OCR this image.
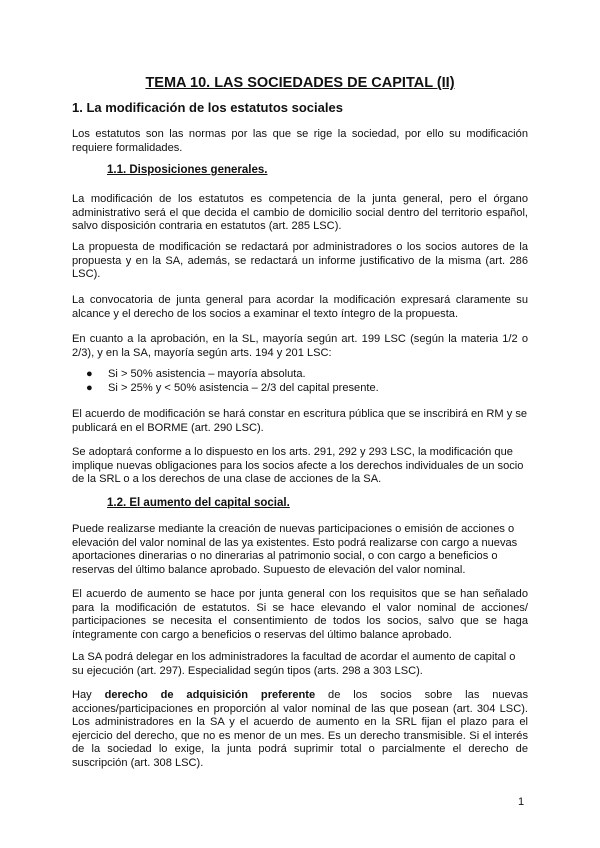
TEMA 10. LAS SOCIEDADES DE CAPITAL (II)
1. La modificación de los estatutos sociales

Los estatutos son las normas por las que se rige la sociedad, por ello su modificación requiere formalidades.

1.1. Disposiciones generales.

La modificación de los estatutos es competencia de la junta general, pero el órgano administrativo será el que decida el cambio de domicilio social dentro del territorio español, salvo disposición contraria en estatutos (art. 285 LSC).

La propuesta de modificación se redactará por administradores o los socios autores de la propuesta y en la SA, además, se redactará un informe justificativo de la misma (art. 286 LSC).

La convocatoria de junta general para acordar la modificación expresará claramente su alcance y el derecho de los socios a examinar el texto íntegro de la propuesta.

En cuanto a la aprobación, en la SL, mayoría según art. 199 LSC (según la materia 1/2 o 2/3), y en la SA, mayoría según arts. 194 y 201 LSC:

● Si > 50% asistencia – mayoría absoluta.
● Si > 25% y < 50% asistencia – 2/3 del capital presente.

El acuerdo de modificación se hará constar en escritura pública que se inscribirá en RM y se publicará en el BORME (art. 290 LSC).

Se adoptará conforme a lo dispuesto en los arts. 291, 292 y 293 LSC, la modificación que implique nuevas obligaciones para los socios afecte a los derechos individuales de un socio de la SRL o a los derechos de una clase de acciones de la SA.

1.2. El aumento del capital social.

Puede realizarse mediante la creación de nuevas participaciones o emisión de acciones o elevación del valor nominal de las ya existentes. Esto podrá realizarse con cargo a nuevas aportaciones dinerarias o no dinerarias al patrimonio social, o con cargo a beneficios o reservas del último balance aprobado. Supuesto de elevación del valor nominal.

El acuerdo de aumento se hace por junta general con los requisitos que se han señalado para la modificación de estatutos. Si se hace elevando el valor nominal de acciones/ participaciones se necesita el consentimiento de todos los socios, salvo que se haga íntegramente con cargo a beneficios o reservas del último balance aprobado.

La SA podrá delegar en los administradores la facultad de acordar el aumento de capital o su ejecución (art. 297). Especialidad según tipos (arts. 298 a 303 LSC).

Hay derecho de adquisición preferente de los socios sobre las nuevas acciones/participaciones en proporción al valor nominal de las que posean (art. 304 LSC). Los administradores en la SA y el acuerdo de aumento en la SRL fijan el plazo para el ejercicio del derecho, que no es menor de un mes. Es un derecho transmisible. Si el interés de la sociedad lo exige, la junta podrá suprimir total o parcialmente el derecho de suscripción (art. 308 LSC).

1
